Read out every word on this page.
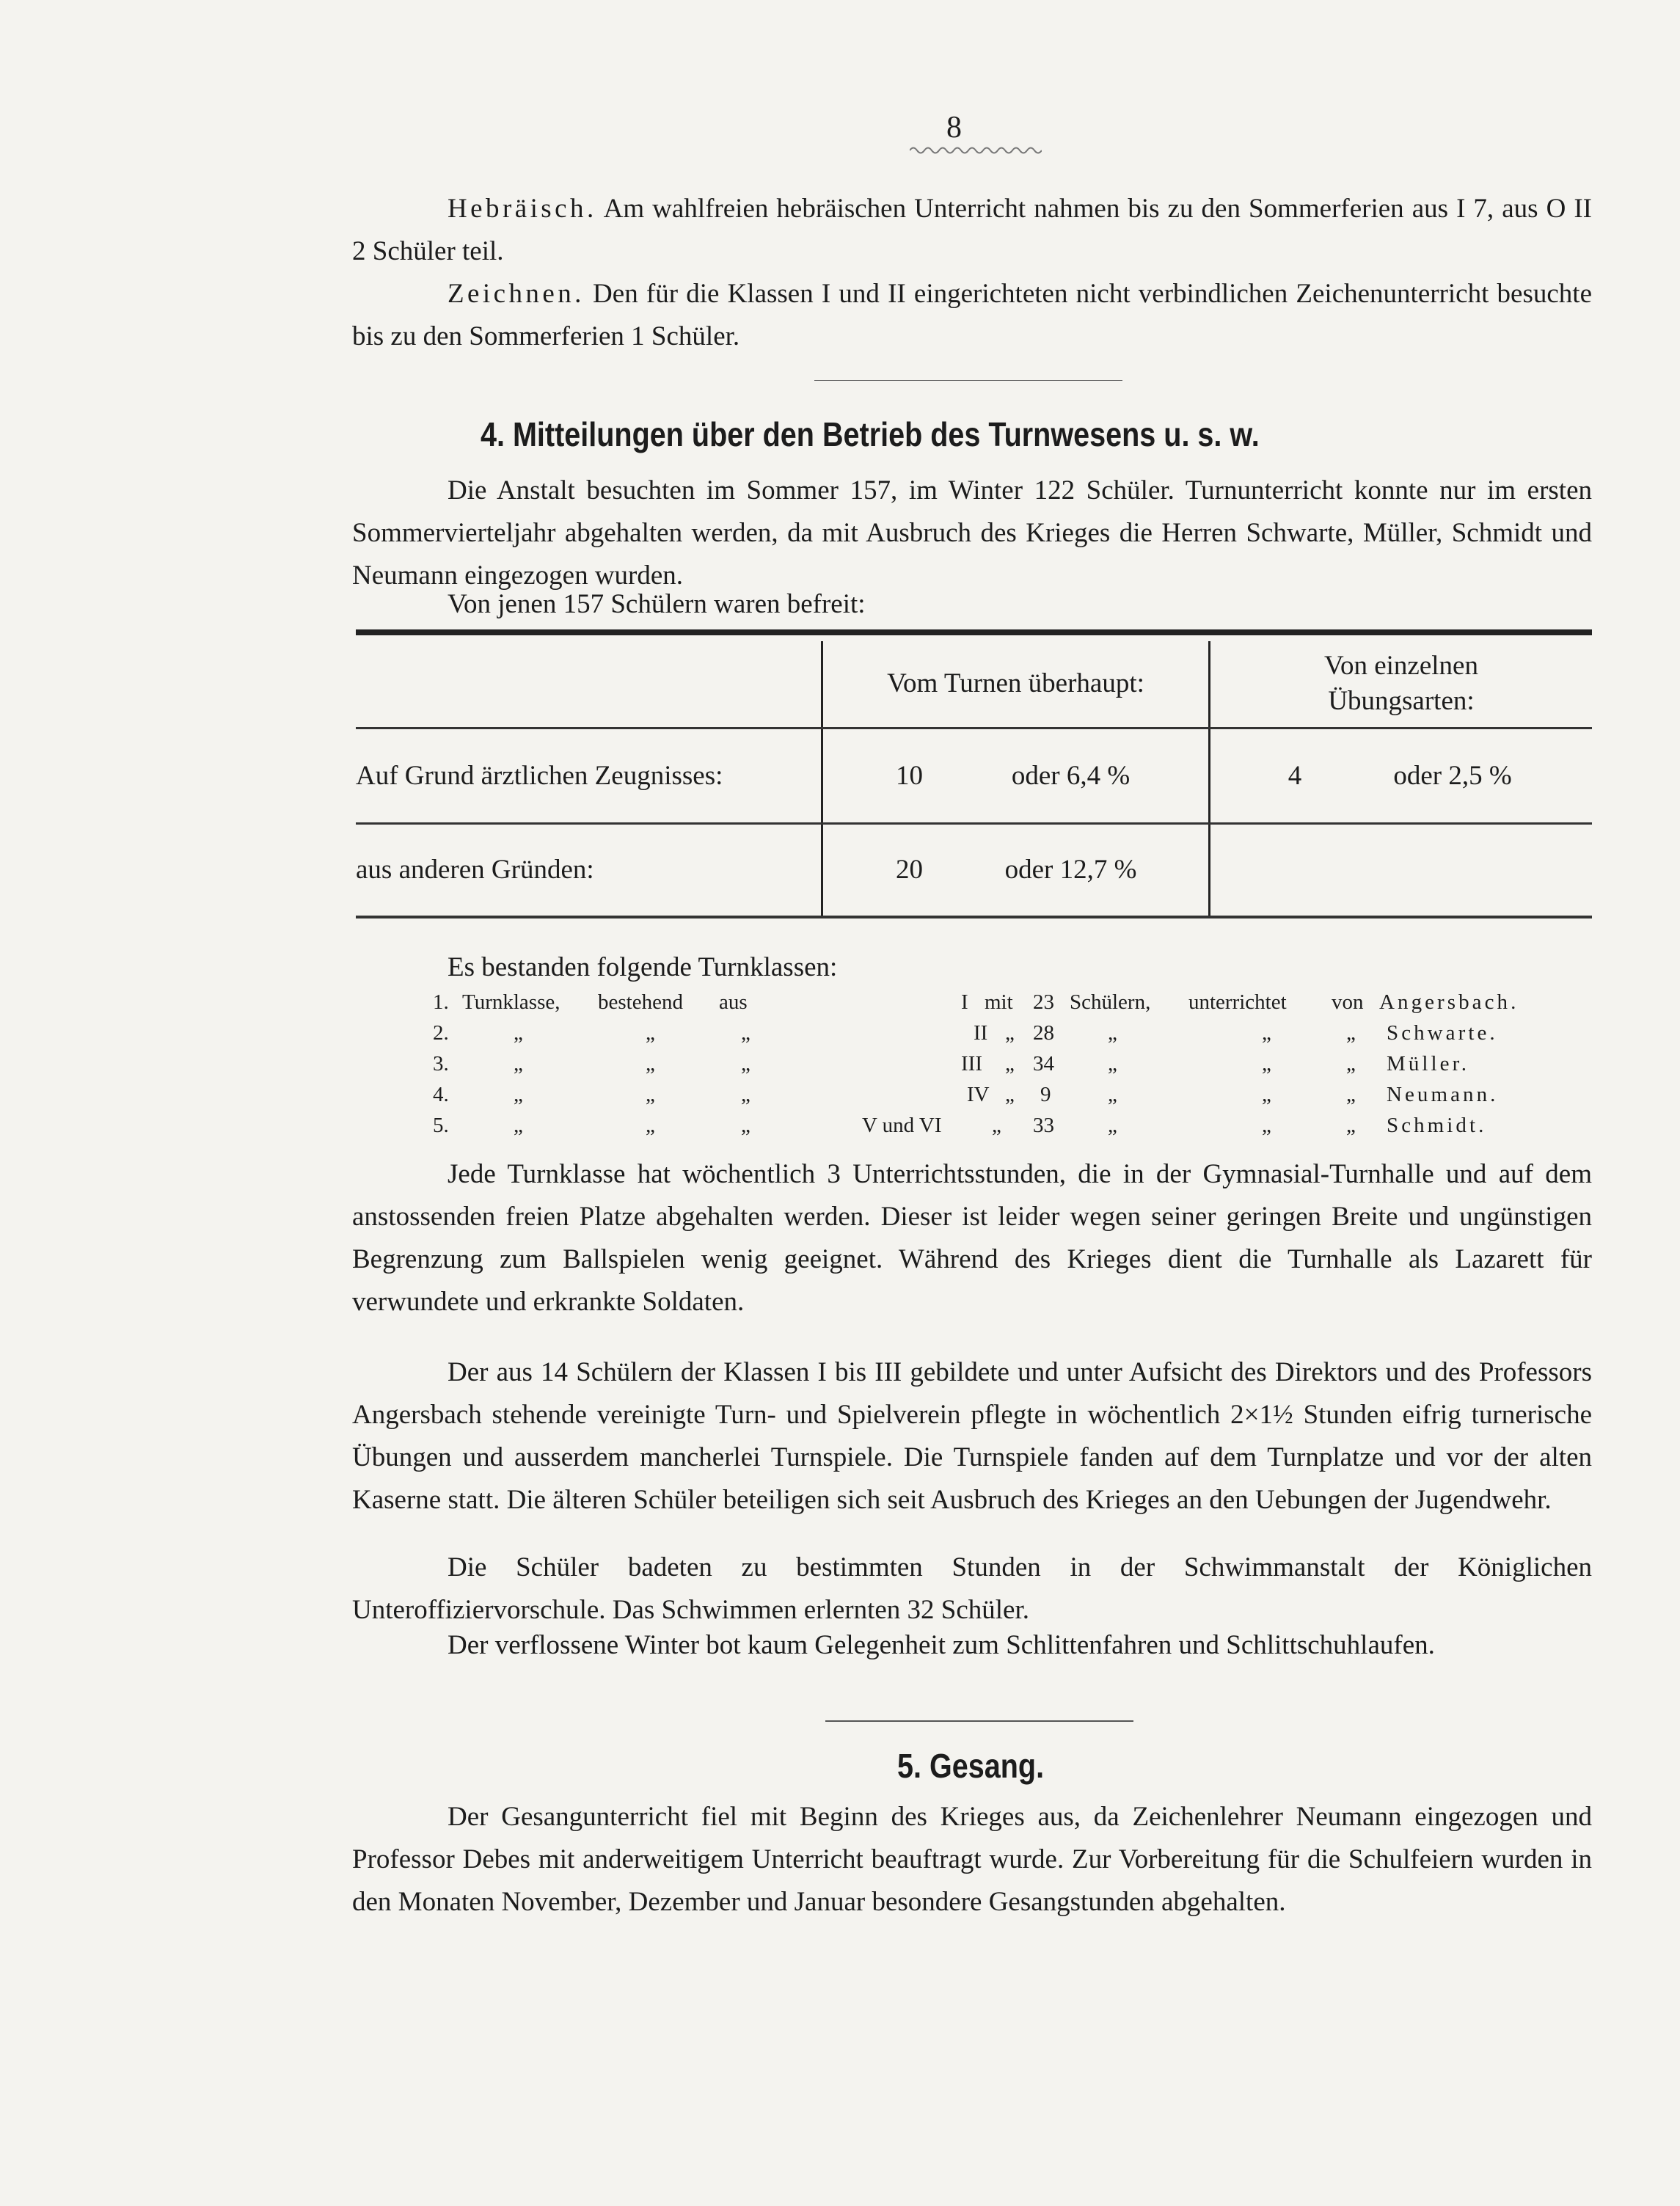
8

Hebräisch. Am wahlfreien hebräischen Unterricht nahmen bis zu den Sommerferien aus I 7, aus O II 2 Schüler teil.

Zeichnen. Den für die Klassen I und II eingerichteten nicht verbindlichen Zeichenunterricht besuchte bis zu den Sommerferien 1 Schüler.

4. Mitteilungen über den Betrieb des Turnwesens u. s. w.

Die Anstalt besuchten im Sommer 157, im Winter 122 Schüler. Turnunterricht konnte nur im ersten Sommervierteljahr abgehalten werden, da mit Ausbruch des Krieges die Herren Schwarte, Müller, Schmidt und Neumann eingezogen wurden.

Von jenen 157 Schülern waren befreit:

	Vom Turnen überhaupt:	Von einzelnen Übungsarten:
Auf Grund ärztlichen Zeugnisses:	10 oder 6,4 %	4 oder 2,5 %
aus anderen Gründen:	20 oder 12,7 %	

Es bestanden folgende Turnklassen:

1. Turnklasse, bestehend aus	I mit 23 Schülern, unterrichtet von Angersbach.
2.	„	„	„	II „ 28	„	„	„ Schwarte.
3.	„	„	„	III „ 34	„	„	„ Müller.
4.	„	„	„	IV „ 9	„	„	„ Neumann.
5.	„	„	„	V und VI „ 33	„	„	„ Schmidt.

Jede Turnklasse hat wöchentlich 3 Unterrichtsstunden, die in der Gymnasial-Turnhalle und auf dem anstossenden freien Platze abgehalten werden. Dieser ist leider wegen seiner geringen Breite und ungünstigen Begrenzung zum Ballspielen wenig geeignet. Während des Krieges dient die Turnhalle als Lazarett für verwundete und erkrankte Soldaten.

Der aus 14 Schülern der Klassen I bis III gebildete und unter Aufsicht des Direktors und des Professors Angersbach stehende vereinigte Turn- und Spielverein pflegte in wöchentlich 2×1½ Stunden eifrig turnerische Übungen und ausserdem mancherlei Turnspiele. Die Turnspiele fanden auf dem Turnplatze und vor der alten Kaserne statt. Die älteren Schüler beteiligen sich seit Ausbruch des Krieges an den Uebungen der Jugendwehr.

Die Schüler badeten zu bestimmten Stunden in der Schwimmanstalt der Königlichen Unteroffiziervorschule. Das Schwimmen erlernten 32 Schüler.

Der verflossene Winter bot kaum Gelegenheit zum Schlittenfahren und Schlittschuhlaufen.

5. Gesang.

Der Gesangunterricht fiel mit Beginn des Krieges aus, da Zeichenlehrer Neumann eingezogen und Professor Debes mit anderweitigem Unterricht beauftragt wurde. Zur Vorbereitung für die Schulfeiern wurden in den Monaten November, Dezember und Januar besondere Gesangstunden abgehalten.
